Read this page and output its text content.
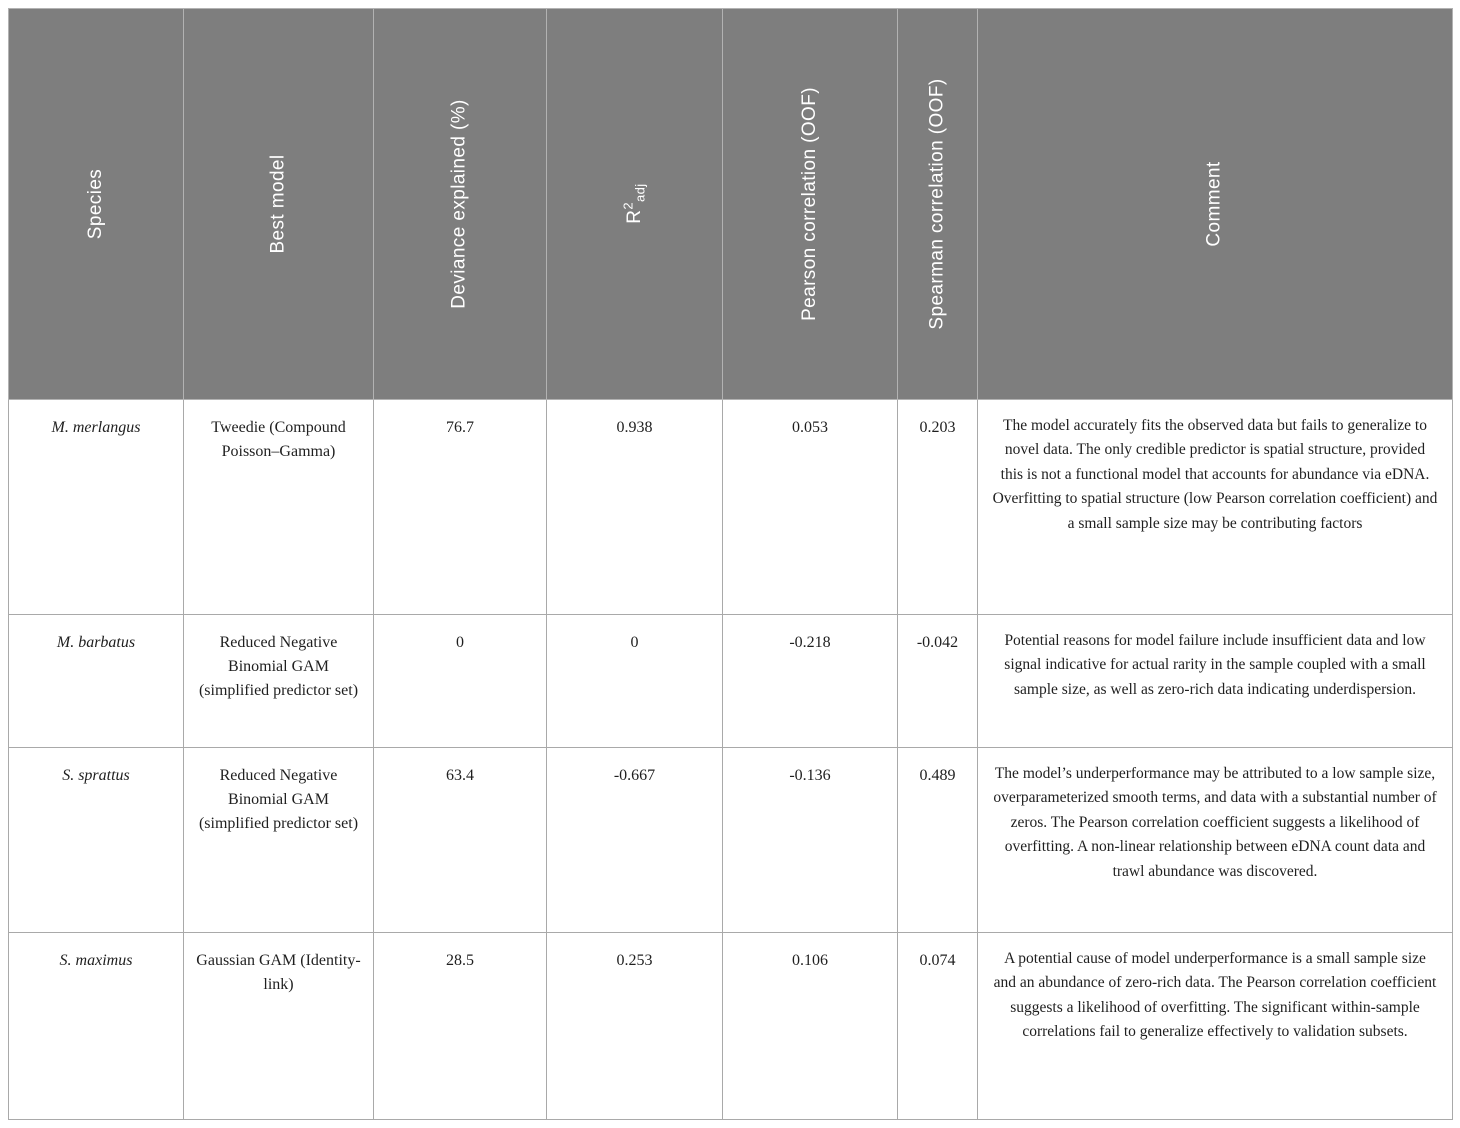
Species	Best model	Deviance explained (%)	$R^2_{adj}$	Pearson correlation (OOF)	Spearman correlation (OOF)	Comment

M. merlangus	Tweedie (Compound Poisson–Gamma)	76.7	0.938	0.053	0.203	The model accurately fits the observed data but fails to generalize to novel data. The only credible predictor is spatial structure, provided this is not a functional model that accounts for abundance via eDNA. Overfitting to spatial structure (low Pearson correlation coefficient) and a small sample size may be contributing factors
M. barbatus	Reduced Negative Binomial GAM (simplified predictor set)	0	0	-0.218	-0.042	Potential reasons for model failure include insufficient data and low signal indicative for actual rarity in the sample coupled with a small sample size, as well as zero-rich data indicating underdispersion.
S. sprattus	Reduced Negative Binomial GAM (simplified predictor set)	63.4	-0.667	-0.136	0.489	The model’s underperformance may be attributed to a low sample size, overparameterized smooth terms, and data with a substantial number of zeros. The Pearson correlation coefficient suggests a likelihood of overfitting. A non-linear relationship between eDNA count data and trawl abundance was discovered.
S. maximus	Gaussian GAM (Identity-link)	28.5	0.253	0.106	0.074	A potential cause of model underperformance is a small sample size and an abundance of zero-rich data. The Pearson correlation coefficient suggests a likelihood of overfitting. The significant within-sample correlations fail to generalize effectively to validation subsets.
